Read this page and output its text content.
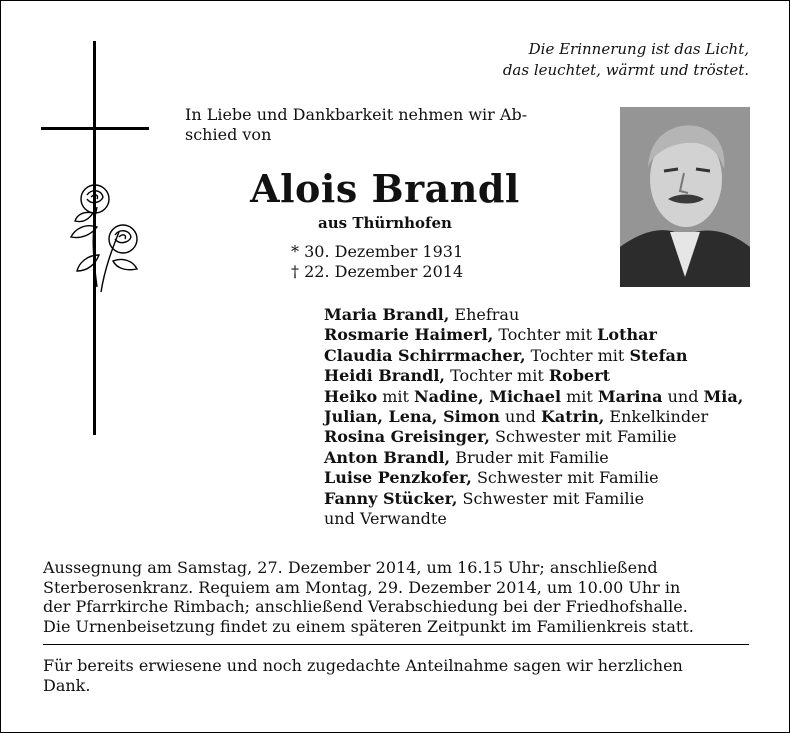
Die Erinnerung ist das Licht,
das leuchtet, wärmt und tröstet.
In Liebe und Dankbarkeit nehmen wir Ab-
schied von
Alois Brandl
aus Thürnhofen
* 30. Dezember 1931
† 22. Dezember 2014
Maria Brandl, Ehefrau
Rosmarie Haimerl, Tochter mit Lothar
Claudia Schirrmacher, Tochter mit Stefan
Heidi Brandl, Tochter mit Robert
Heiko mit Nadine, Michael mit Marina und Mia,
Julian, Lena, Simon und Katrin, Enkelkinder
Rosina Greisinger, Schwester mit Familie
Anton Brandl, Bruder mit Familie
Luise Penzkofer, Schwester mit Familie
Fanny Stücker, Schwester mit Familie
und Verwandte
Aussegnung am Samstag, 27. Dezember 2014, um 16.15 Uhr; anschließend
Sterberosenkranz. Requiem am Montag, 29. Dezember 2014, um 10.00 Uhr in
der Pfarrkirche Rimbach; anschließend Verabschiedung bei der Friedhofshalle.
Die Urnenbeisetzung findet zu einem späteren Zeitpunkt im Familienkreis statt.
Für bereits erwiesene und noch zugedachte Anteilnahme sagen wir herzlichen
Dank.
